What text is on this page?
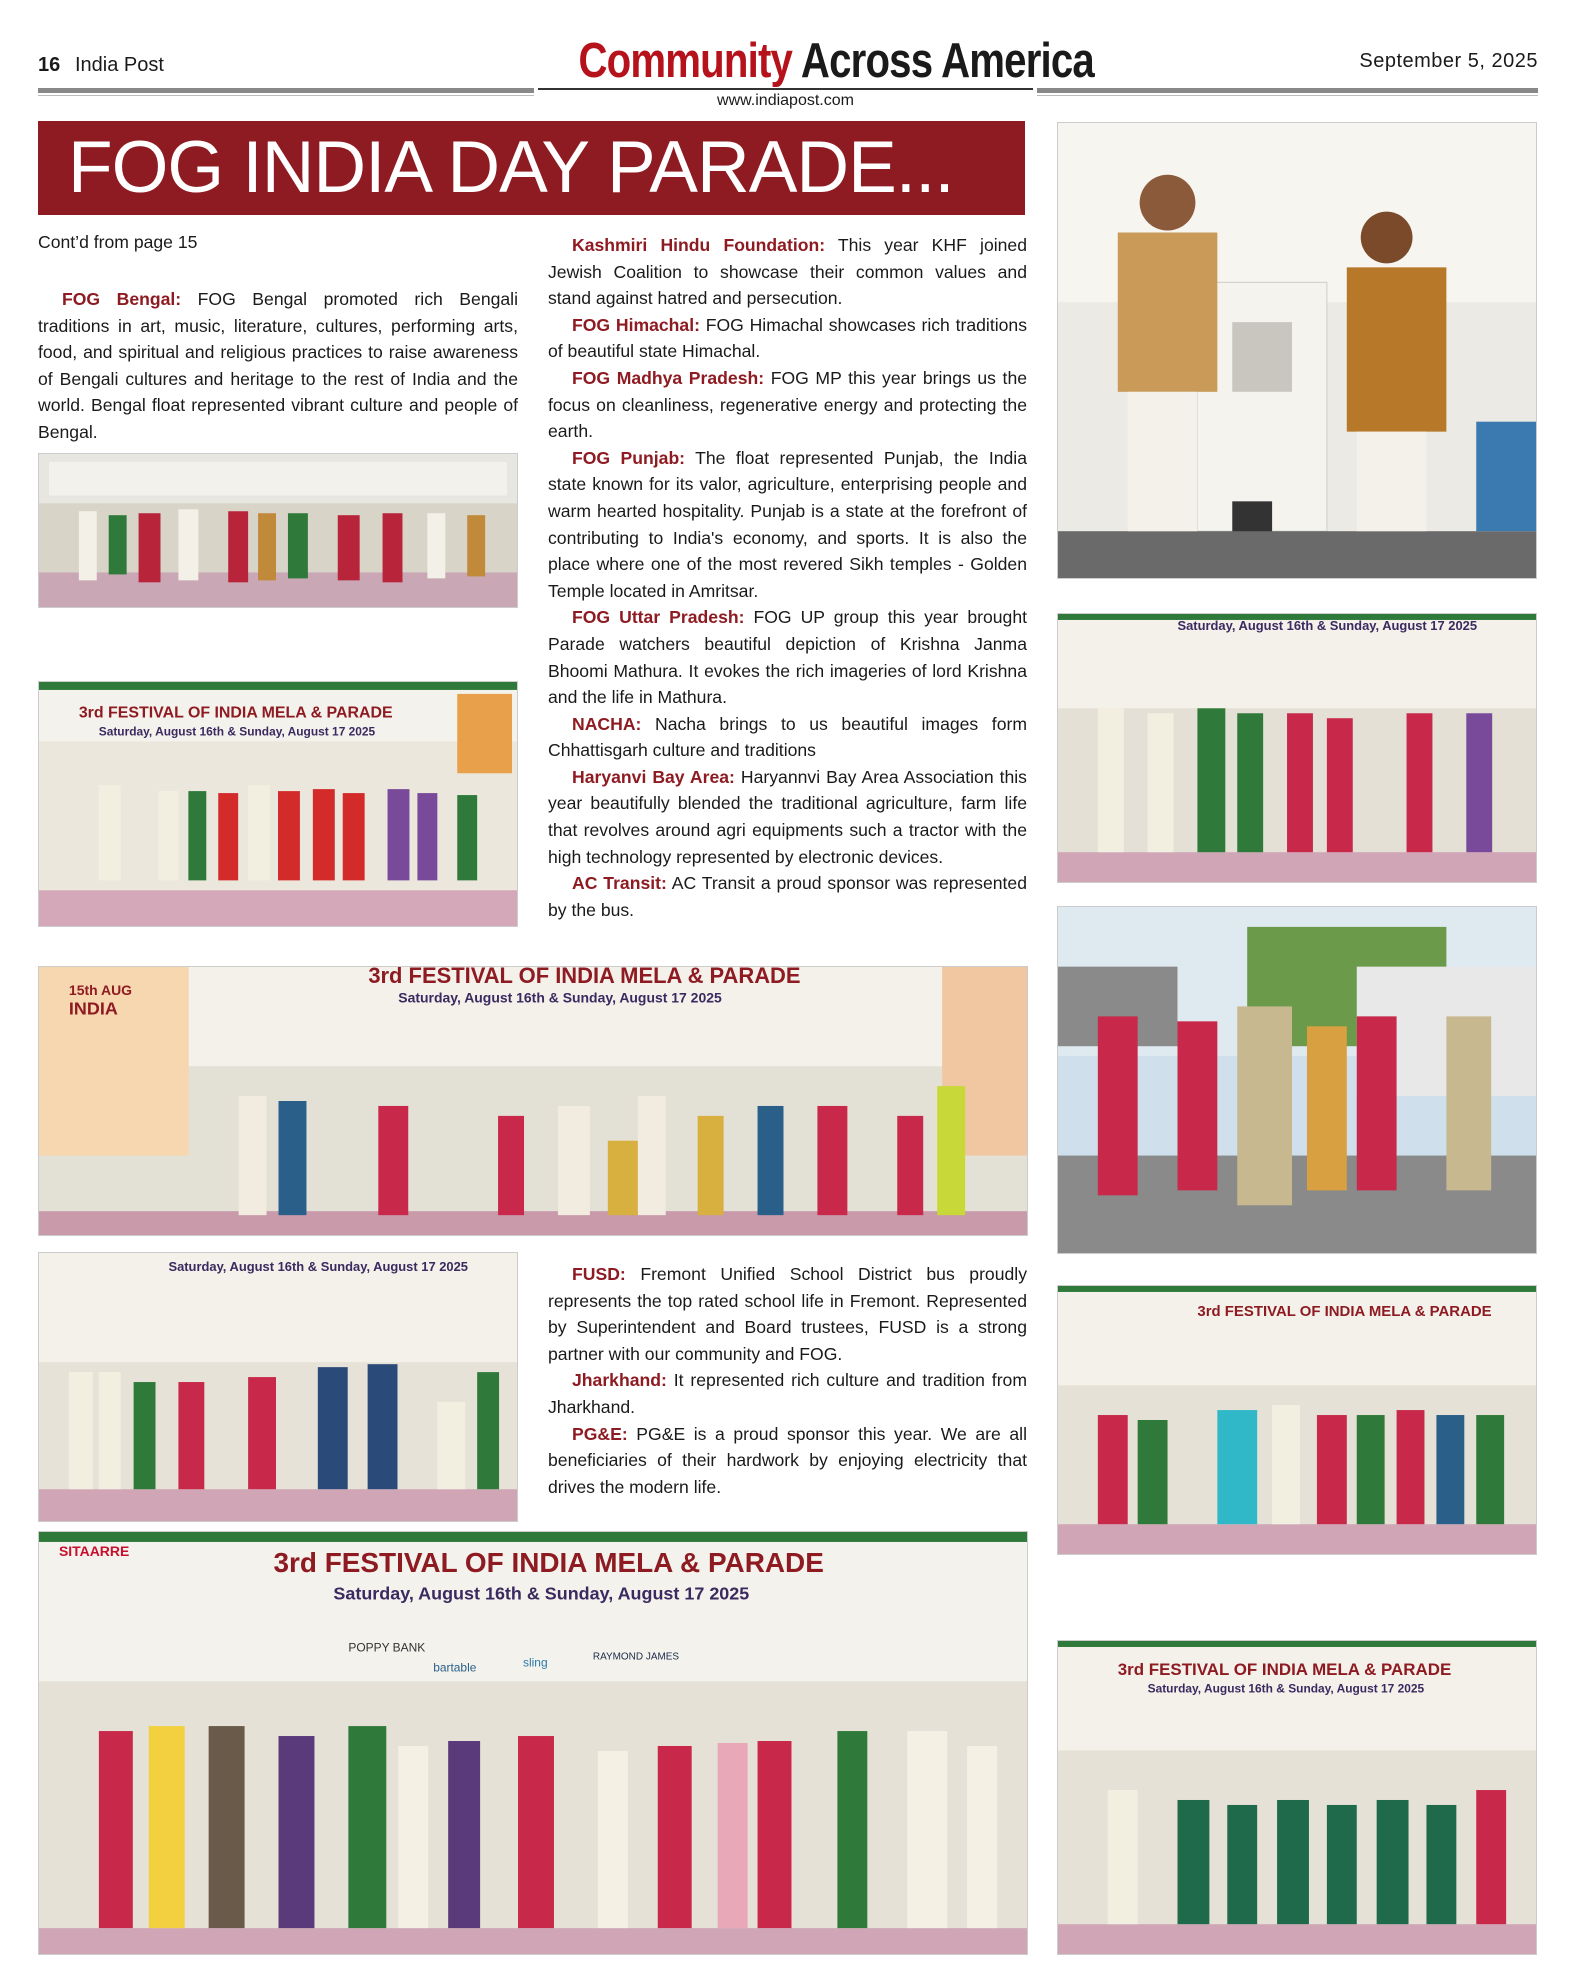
16 India Post	September 5, 2025
Community Across America
www.indiapost.com
FOG INDIA DAY PARADE...
Cont’d from page 15

FOG Bengal: FOG Bengal promoted rich Bengali traditions in art, music, literature, cultures, performing arts, food, and spiritual and religious practices to raise awareness of Bengali cultures and heritage to the rest of India and the world. Bengal float represented vibrant culture and people of Bengal.

Kashmiri Hindu Foundation: This year KHF joined Jewish Coalition to showcase their common values and stand against hatred and persecution.

FOG Himachal: FOG Himachal showcases rich traditions of beautiful state Himachal.

FOG Madhya Pradesh: FOG MP this year brings us the focus on cleanliness, regenerative energy and protecting the earth.

FOG Punjab: The float represented Punjab, the India state known for its valor, agriculture, enterprising people and warm hearted hospitality. Punjab is a state at the forefront of contributing to India's economy, and sports. It is also the place where one of the most revered Sikh temples - Golden Temple located in Amritsar.

FOG Uttar Pradesh: FOG UP group this year brought Parade watchers beautiful depiction of Krishna Janma Bhoomi Mathura. It evokes the rich imageries of lord Krishna and the life in Mathura.

NACHA: Nacha brings to us beautiful images form Chhattisgarh culture and traditions

Haryanvi Bay Area: Haryannvi Bay Area Association this year beautifully blended the traditional agriculture, farm life that revolves around agri equipments such a tractor with the high technology represented by electronic devices.

AC Transit: AC Transit a proud sponsor was represented by the bus.

FUSD: Fremont Unified School District bus proudly represents the top rated school life in Fremont. Represented by Superintendent and Board trustees, FUSD is a strong partner with our community and FOG.

Jharkhand: It represented rich culture and tradition from Jharkhand.

PG&E: PG&E is a proud sponsor this year. We are all beneficiaries of their hardwork by enjoying electricity that drives the modern life.

3rd FESTIVAL OF INDIA MELA & PARADE
Saturday, August 16th & Sunday, August 17 2025
15th AUG
INDIA
3rd FESTIVAL OF INDIA MELA & PARADE
Saturday, August 16th & Sunday, August 17 2025
Saturday, August 16th & Sunday, August 17 2025
SITAARRE	3rd FESTIVAL OF INDIA MELA & PARADE
Saturday, August 16th & Sunday, August 17 2025
POPPY BANK
bartable	sling	RAYMOND JAMES
Saturday, August 16th & Sunday, August 17 2025
3rd FESTIVAL OF INDIA MELA & PARADE
3rd FESTIVAL OF INDIA MELA & PARADE
Saturday, August 16th & Sunday, August 17 2025
